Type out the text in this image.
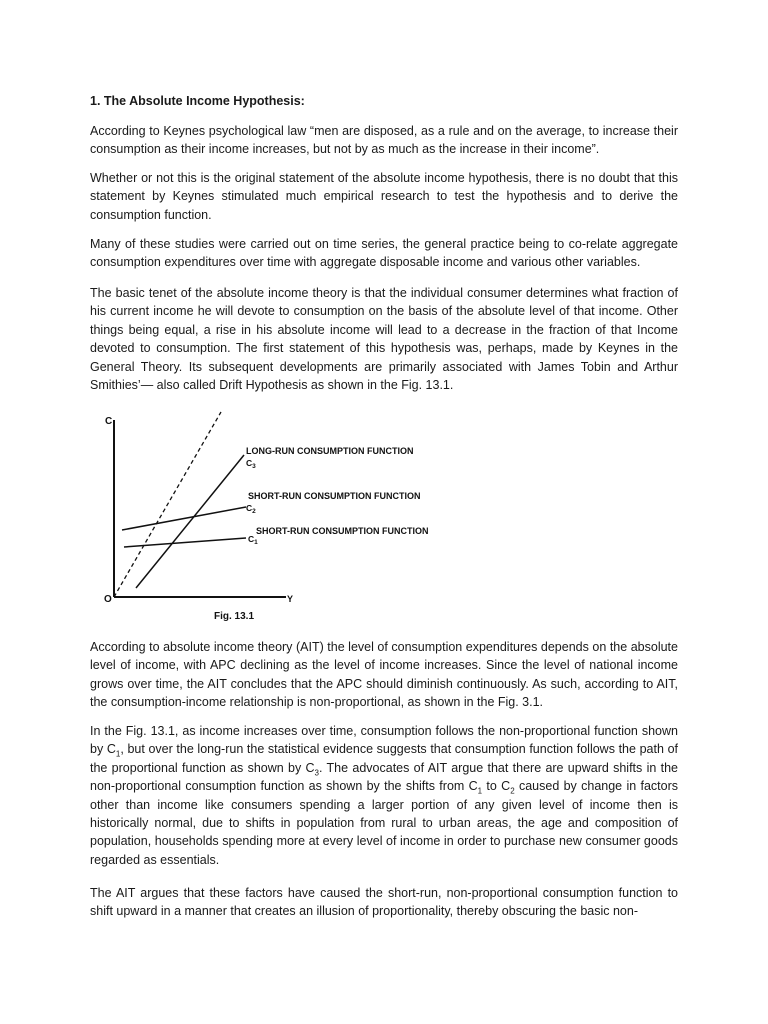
1. The Absolute Income Hypothesis:

According to Keynes psychological law “men are disposed, as a rule and on the average, to increase their consumption as their income increases, but not by as much as the increase in their income”.

Whether or not this is the original statement of the absolute income hypothesis, there is no doubt that this statement by Keynes stimulated much empirical research to test the hypothesis and to derive the consumption function.

Many of these studies were carried out on time series, the general practice being to co-relate aggregate consumption expenditures over time with aggregate disposable income and various other variables.

The basic tenet of the absolute income theory is that the individual consumer determines what fraction of his current income he will devote to consumption on the basis of the absolute level of that income. Other things being equal, a rise in his absolute income will lead to a decrease in the fraction of that Income devoted to consumption. The first statement of this hypothesis was, perhaps, made by Keynes in the General Theory. Its subsequent developments are primarily associated with James Tobin and Arthur Smithies’— also called Drift Hypothesis as shown in the Fig. 13.1.

According to absolute income theory (AIT) the level of consumption expenditures depends on the absolute level of income, with APC declining as the level of income increases. Since the level of national income grows over time, the AIT concludes that the APC should diminish continuously. As such, according to AIT, the consumption-income relationship is non-proportional, as shown in the Fig. 3.1.

In the Fig. 13.1, as income increases over time, consumption follows the non-proportional function shown by $C_1$, but over the long-run the statistical evidence suggests that consumption function follows the path of the proportional function as shown by $C_3$. The advocates of AIT argue that there are upward shifts in the non-proportional consumption function as shown by the shifts from $C_1$ to $C_2$ caused by change in factors other than income like consumers spending a larger portion of any given level of income then is historically normal, due to shifts in population from rural to urban areas, the age and composition of population, households spending more at every level of income in order to purchase new consumer goods regarded as essentials.

The AIT argues that these factors have caused the short-run, non-proportional consumption function to shift upward in a manner that creates an illusion of proportionality, thereby obscuring the basic non-

C
Y
O
LONG-RUN CONSUMPTION FUNCTION
$C_3$
SHORT-RUN CONSUMPTION FUNCTION
$C_2$
SHORT-RUN CONSUMPTION FUNCTION
$C_1$
Fig. 13.1
